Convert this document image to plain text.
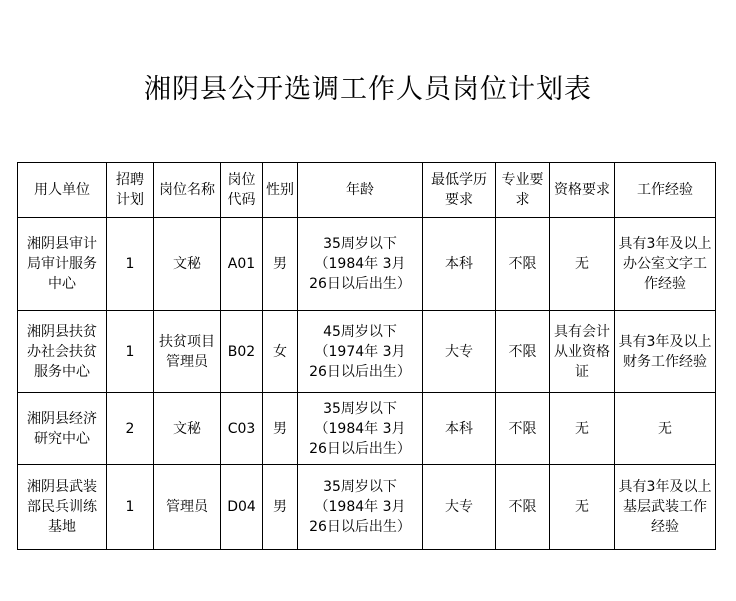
湘阴县公开选调工作人员岗位计划表
用人单位	招聘计划	岗位名称	岗位代码	性别	年龄	最低学历要求	专业要求	资格要求	工作经验
湘阴县审计局审计服务中心	1	文秘	A01	男	35周岁以下
（1984年 3月
26日以后出生）	本科	不限	无	具有3年及以上办公室文字工作经验
湘阴县扶贫办社会扶贫服务中心	1	扶贫项目管理员	B02	女	45周岁以下
（1974年 3月
26日以后出生）	大专	不限	具有会计从业资格证	具有3年及以上财务工作经验
湘阴县经济研究中心	2	文秘	C03	男	35周岁以下
（1984年 3月
26日以后出生）	本科	不限	无	无
湘阴县武装部民兵训练基地	1	管理员	D04	男	35周岁以下
（1984年 3月
26日以后出生）	大专	不限	无	具有3年及以上基层武装工作经验
